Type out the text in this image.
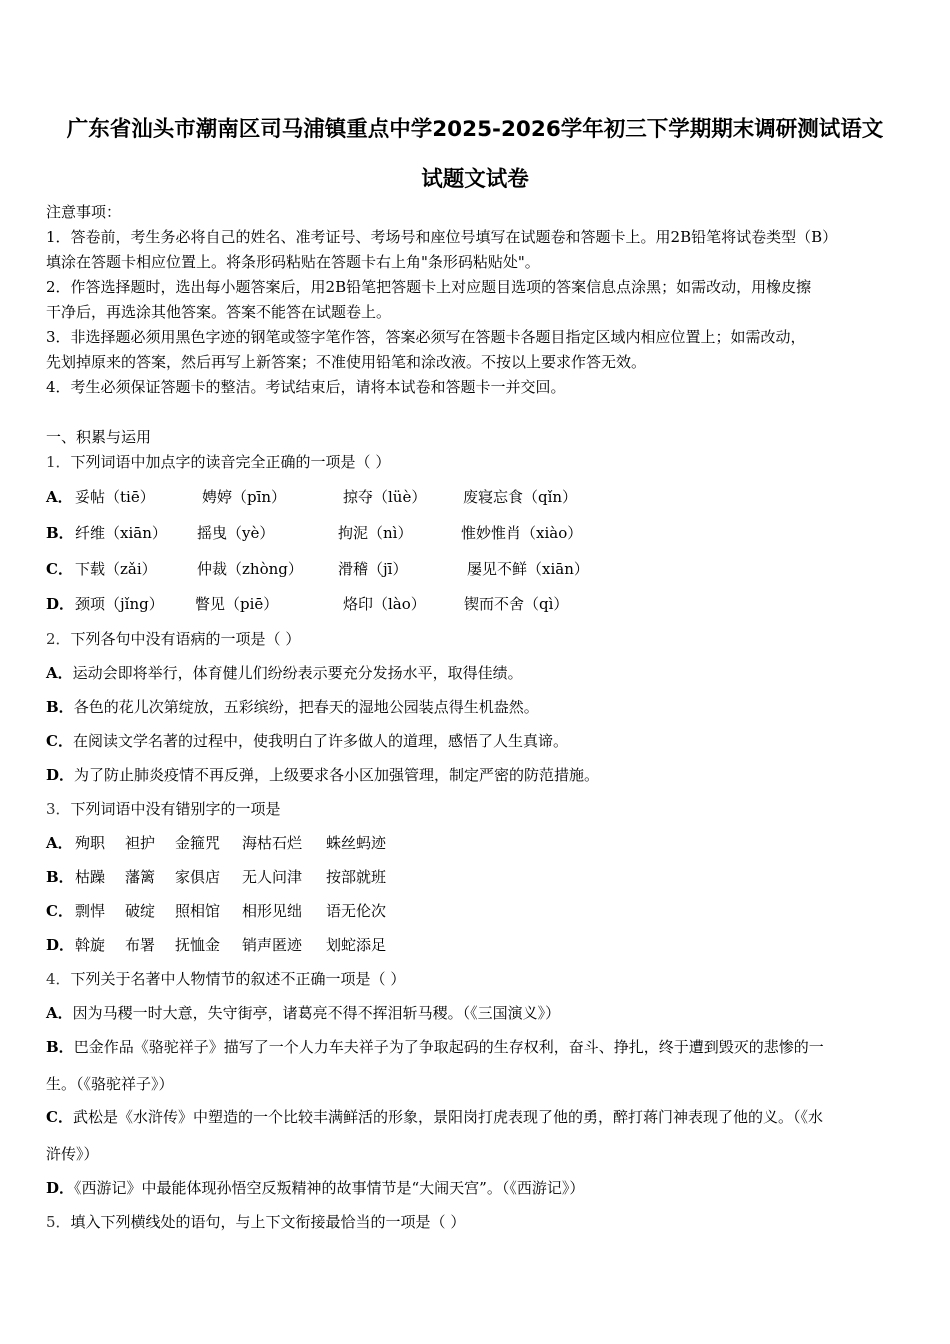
广东省汕头市潮南区司马浦镇重点中学2025-2026学年初三下学期期末调研测试语文
试题文试卷
注意事项：
1．答卷前，考生务必将自己的姓名、准考证号、考场号和座位号填写在试题卷和答题卡上。用2B铅笔将试卷类型（B）
填涂在答题卡相应位置上。将条形码粘贴在答题卡右上角"条形码粘贴处"。
2．作答选择题时，选出每小题答案后，用2B铅笔把答题卡上对应题目选项的答案信息点涂黑；如需改动，用橡皮擦
干净后，再选涂其他答案。答案不能答在试题卷上。
3．非选择题必须用黑色字迹的钢笔或签字笔作答，答案必须写在答题卡各题目指定区域内相应位置上；如需改动，
先划掉原来的答案，然后再写上新答案；不准使用铅笔和涂改液。不按以上要求作答无效。
4．考生必须保证答题卡的整洁。考试结束后，请将本试卷和答题卡一并交回。
一、积累与运用
1．下列词语中加点字的读音完全正确的一项是（ ）
A． 妥帖（tiē）	娉婷（pīn）	掠夺（lüè） 废寝忘食（qǐn）
B． 纤维（xiān） 摇曳（yè）	拘泥（nì）	惟妙惟肖（xiào）
C． 下载（zǎi）	仲裁（zhòng） 滑稽（jī）	屡见不鲜（xiān）
D． 颈项（jǐng） 瞥见（piē）	烙印（lào）	锲而不舍（qì）
2．下列各句中没有语病的一项是（ ）
A．运动会即将举行，体育健儿们纷纷表示要充分发扬水平，取得佳绩。
B．各色的花儿次第绽放，五彩缤纷，把春天的湿地公园装点得生机盎然。
C．在阅读文学名著的过程中，使我明白了许多做人的道理，感悟了人生真谛。
D．为了防止肺炎疫情不再反弹，上级要求各小区加强管理，制定严密的防范措施。
3．下列词语中没有错别字的一项是
A． 殉职 袒护 金箍咒 海枯石烂 蛛丝蚂迹
B． 枯躁 藩篱 家俱店 无人问津 按部就班
C． 剽悍 破绽 照相馆 相形见绌 语无伦次
D． 斡旋 布署 抚恤金 销声匿迹 划蛇添足
4．下列关于名著中人物情节的叙述不正确一项是（ ）
A．因为马稷一时大意，失守街亭，诸葛亮不得不挥泪斩马稷。（《三国演义》）
B．巴金作品《骆驼祥子》描写了一个人力车夫祥子为了争取起码的生存权利，奋斗、挣扎，终于遭到毁灭的悲惨的一
生。（《骆驼祥子》）
C．武松是《水浒传》中塑造的一个比较丰满鲜活的形象，景阳岗打虎表现了他的勇，醉打蒋门神表现了他的义。（《水
浒传》）
D．《西游记》中最能体现孙悟空反叛精神的故事情节是“大闹天宫”。（《西游记》）
5．填入下列横线处的语句，与上下文衔接最恰当的一项是（ ）
